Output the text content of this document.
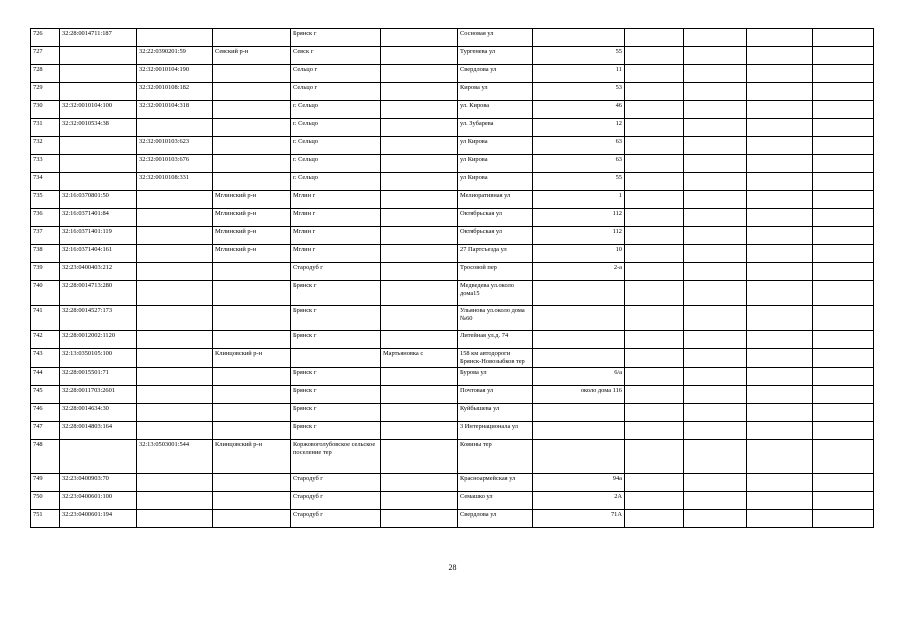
726	32:28:0014711:187			Брянск г		Сосновая ул					
727		32:22:0390201:59	Севский р-н	Севск г		Тургенева ул	55				
728		32:32:0010104:190		Сельцо г		Свердлова ул	11				
729		32:32:0010108:182		Сельцо г		Кирова ул	53				
730	32:32:0010104:100	32:32:0010104:318		г. Сельцо		ул. Кирова	46				
731	32:32:0010534:38			г. Сельцо		ул. Зубарева	12				
732		32:32:0010103:623		г. Сельцо		ул Кирова	63				
733		32:32:0010103:676		г. Сельцо		ул Кирова	63				
734		32:32:0010108:331		г. Сельцо		ул Кирова	55				
735	32:16:0370801:50		Мглинский р-н	Мглин г		Мелиоративная ул	1				
736	32:16:0371401:84		Мглинский р-н	Мглин г		Октябрьская ул	112				
737	32:16:0371401:119		Мглинский р-н	Мглин г		Октябрьская ул	112				
738	32:16:0371404:161		Мглинский р-н	Мглин г		27 Партсъезда ул	10				
739	32:23:0400403:212			Стародуб г		Тросовой пер	2-а				
740	32:28:0014713:280			Брянск г		Медведева ул.около дома15					
741	32:28:0014527:173			Брянск г		Ульянова ул.около дома №60					
742	32:28:0012002:1120			Брянск г		Литейная ул.д. 74					
743	32:13:0350105:100		Клинцовский р-н		Мартьяновка с	158 км автодороги Брянск-Новозыбков тер					
744	32:28:0015501:71			Брянск г		Бурова ул	6/а				
745	32:28:0011703:2601			Брянск г		Почтовая ул	около дома 116				
746	32:28:0014634:30			Брянск г		Куйбышева ул					
747	32:28:0014803:164			Брянск г		3 Интернационала ул					
748		32:13:0503001:544	Клинцовский р-н	Коржовоголубовское сельское поселение тер		Ковины тер					
749	32:23:0400903:70			Стародуб г		Красноармейская ул	94а				
750	32:23:0400601:100			Стародуб г		Семашко ул	2А				
751	32:23:0400601:194			Стародуб г		Свердлова ул	71А				
28
